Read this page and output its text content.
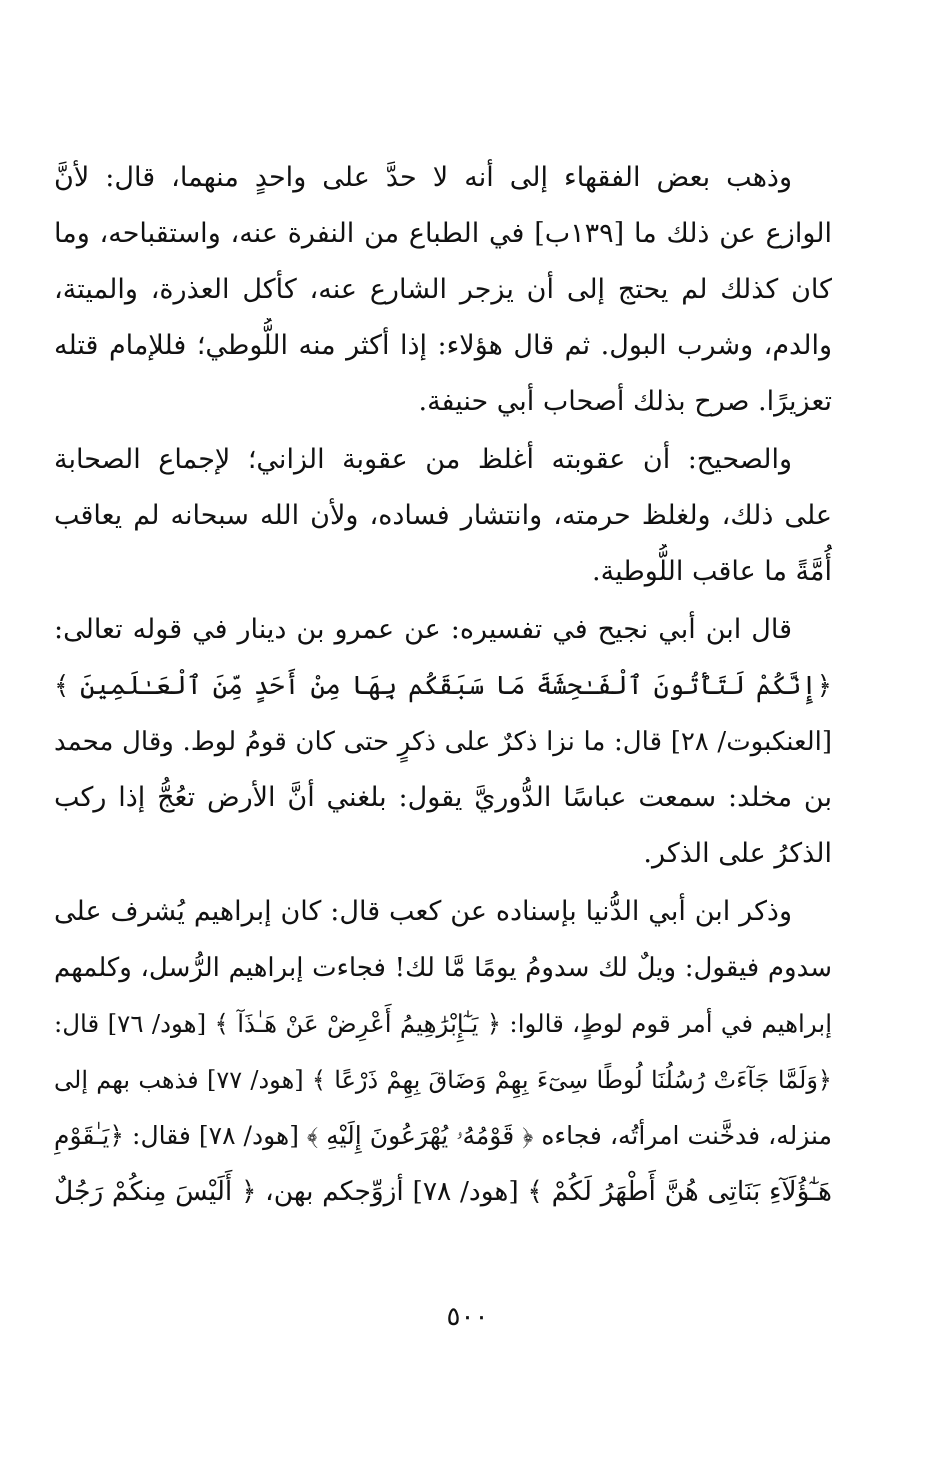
وذهب بعض الفقهاء إلى أنه لا حدَّ على واحدٍ منهما، قال: لأنَّ
الوازع عن ذلك ما [١٣٩ب] في الطباع من النفرة عنه، واستقباحه، وما
كان كذلك لم يحتج إلى أن يزجر الشارع عنه، كأكل العذرة، والميتة،
والدم، وشرب البول. ثم قال هؤلاء: إذا أكثر منه اللُّوطي؛ فللإمام قتله
تعزيرًا. صرح بذلك أصحاب أبي حنيفة.
والصحيح: أن عقوبته أغلظ من عقوبة الزاني؛ لإجماع الصحابة
على ذلك، ولغلظ حرمته، وانتشار فساده، ولأن الله سبحانه لم يعاقب
أُمَّةً ما عاقب اللُّوطية.
قال ابن أبي نجيح في تفسيره: عن عمرو بن دينار في قوله تعالى:
﴿إِنَّكُمْ لَتَأْتُونَ ٱلْفَـٰحِشَةَ مَا سَبَقَكُم بِهَا مِنْ أَحَدٍ مِّنَ ٱلْعَـٰلَمِينَ ﴾
[العنكبوت/ ٢٨] قال: ما نزا ذكرٌ على ذكرٍ حتى كان قومُ لوط. وقال محمد
بن مخلد: سمعت عباسًا الدُّوريَّ يقول: بلغني أنَّ الأرض تعُجُّ إذا ركب
الذكرُ على الذكر.
وذكر ابن أبي الدُّنيا بإسناده عن كعب قال: كان إبراهيم يُشرف على
سدوم فيقول: ويلٌ لك سدومُ يومًا مَّا لك! فجاءت إبراهيم الرُّسل، وكلمهم
إبراهيم في أمر قوم لوطٍ، قالوا: ﴿ يَـٰٓإِبْرَٰهِيمُ أَعْرِضْ عَنْ هَـٰذَآ ﴾ [هود/ ٧٦] قال:
﴿وَلَمَّا جَآءَتْ رُسُلُنَا لُوطًا سِىٓءَ بِهِمْ وَضَاقَ بِهِمْ ذَرْعًا ﴾ [هود/ ٧٧] فذهب بهم إلى
منزله، فدخَّنت امرأتُه، فجاءه ﴿ قَوْمُهُۥ يُهْرَعُونَ إِلَيْهِ ﴾ [هود/ ٧٨] فقال: ﴿يَـٰقَوْمِ
هَـٰٓؤُلَآءِ بَنَاتِى هُنَّ أَطْهَرُ لَكُمْ ﴾ [هود/ ٧٨] أزوِّجكم بهن، ﴿ أَلَيْسَ مِنكُمْ رَجُلٌ
٥٠٠
